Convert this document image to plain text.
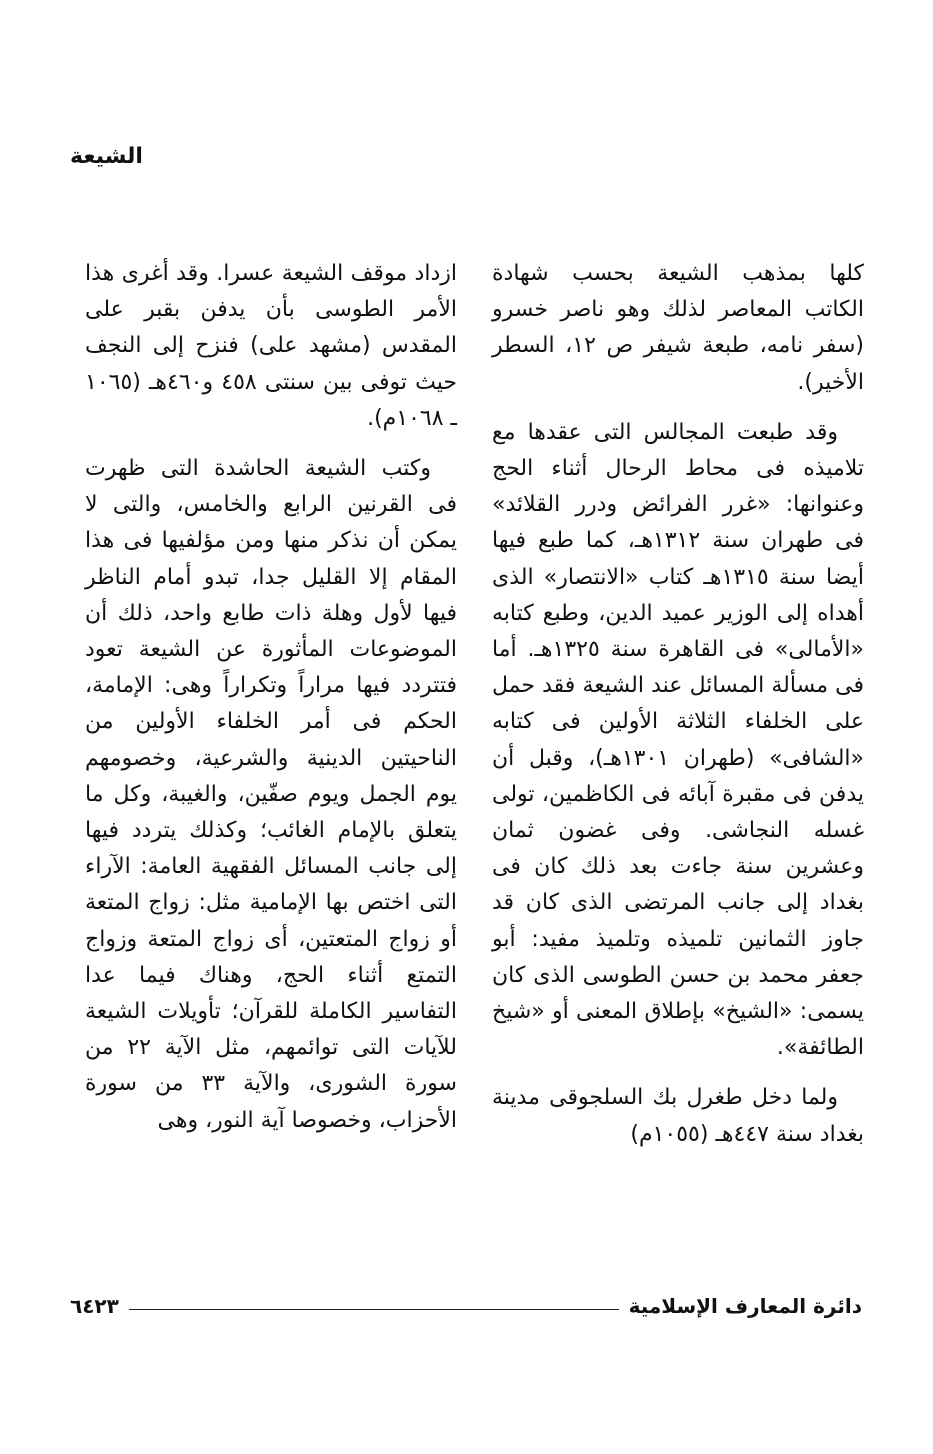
الشيعة

كلها بمذهب الشيعة بحسب شهادة الكاتب المعاصر لذلك وهو ناصر خسرو (سفر نامه، طبعة شيفر ص ١٢، السطر الأخير).

وقد طبعت المجالس التى عقدها مع تلاميذه فى محاط الرحال أثناء الحج وعنوانها: «غرر الفرائض ودرر القلائد» فى طهران سنة ١٣١٢هـ، كما طبع فيها أيضا سنة ١٣١٥هـ كتاب «الانتصار» الذى أهداه إلى الوزير عميد الدين، وطبع كتابه «الأمالى» فى القاهرة سنة ١٣٢٥هـ. أما فى مسألة المسائل عند الشيعة فقد حمل على الخلفاء الثلاثة الأولين فى كتابه «الشافى» (طهران ١٣٠١هـ)، وقبل أن يدفن فى مقبرة آبائه فى الكاظمين، تولى غسله النجاشى. وفى غضون ثمان وعشرين سنة جاءت بعد ذلك كان فى بغداد إلى جانب المرتضى الذى كان قد جاوز الثمانين تلميذه وتلميذ مفيد: أبو جعفر محمد بن حسن الطوسى الذى كان يسمى: «الشيخ» بإطلاق المعنى أو «شيخ الطائفة».

ولما دخل طغرل بك السلجوقى مدينة بغداد سنة ٤٤٧هـ (١٠٥٥م)

ازداد موقف الشيعة عسرا. وقد أغرى هذا الأمر الطوسى بأن يدفن بقبر على المقدس (مشهد على) فنزح إلى النجف حيث توفى بين سنتى ٤٥٨ و٤٦٠هـ (١٠٦٥ ـ ١٠٦٨م).

وكتب الشيعة الحاشدة التى ظهرت فى القرنين الرابع والخامس، والتى لا يمكن أن نذكر منها ومن مؤلفيها فى هذا المقام إلا القليل جدا، تبدو أمام الناظر فيها لأول وهلة ذات طابع واحد، ذلك أن الموضوعات المأثورة عن الشيعة تعود فتتردد فيها مراراً وتكراراً وهى: الإمامة، الحكم فى أمر الخلفاء الأولين من الناحيتين الدينية والشرعية، وخصومهم يوم الجمل ويوم صفّين، والغيبة، وكل ما يتعلق بالإمام الغائب؛ وكذلك يتردد فيها إلى جانب المسائل الفقهية العامة: الآراء التى اختص بها الإمامية مثل: زواج المتعة أو زواج المتعتين، أى زواج المتعة وزواج التمتع أثناء الحج، وهناك فيما عدا التفاسير الكاملة للقرآن؛ تأويلات الشيعة للآيات التى توائمهم، مثل الآية ٢٢ من سورة الشورى، والآية ٣٣ من سورة الأحزاب، وخصوصا آية النور، وهى

٦٤٢٣	دائرة المعارف الإسلامية
